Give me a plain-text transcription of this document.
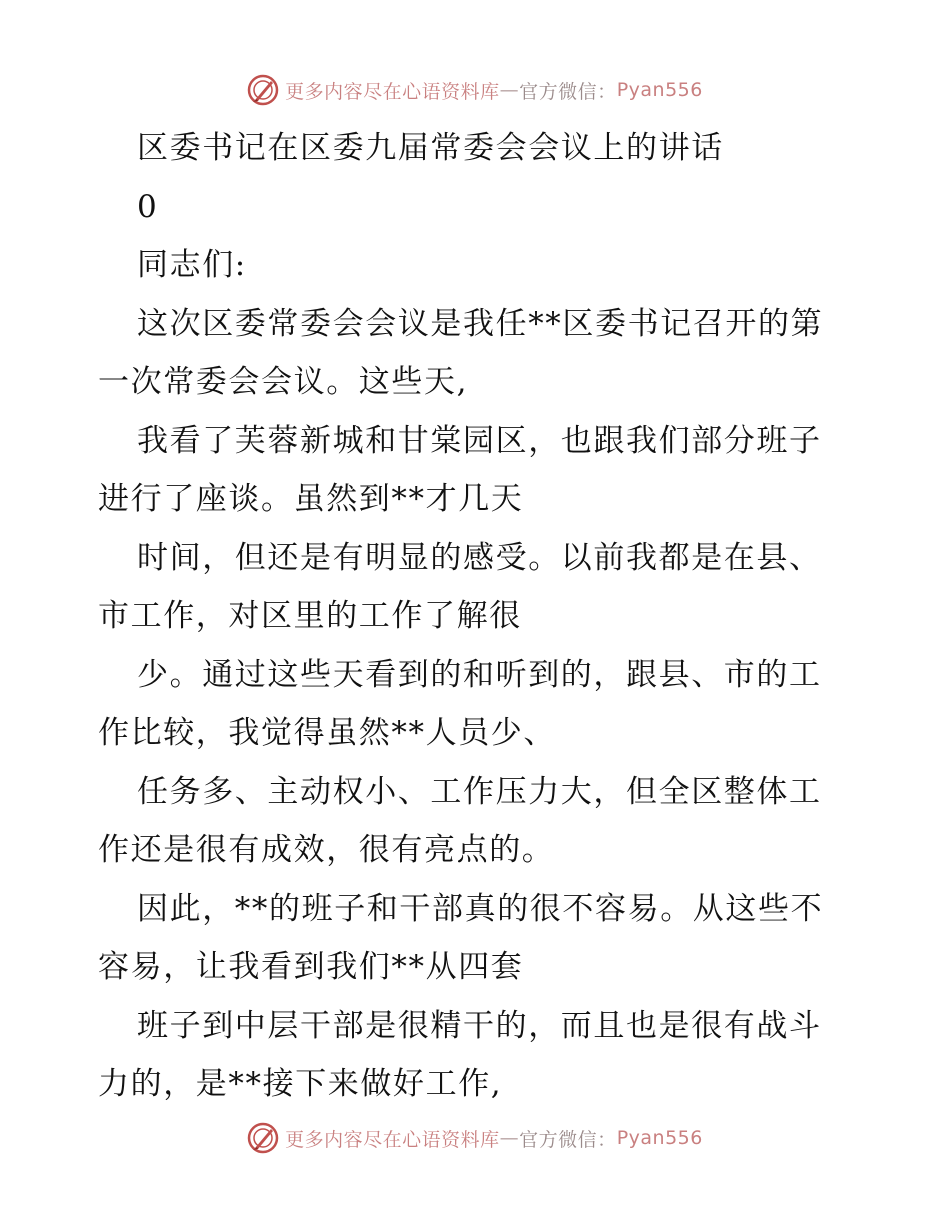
更多内容尽在心语资料库 — 官方微信： Pyan556
区委书记在区委九届常委会会议上的讲话
0
同志们:
这次区委常委会会议是我任**区委书记召开的第
一次常委会会议。这些天,
我看了芙蓉新城和甘棠园区，也跟我们部分班子
进行了座谈。虽然到**才几天
时间，但还是有明显的感受。以前我都是在县、
市工作，对区里的工作了解很
少。通过这些天看到的和听到的，跟县、市的工
作比较，我觉得虽然**人员少、
任务多、主动权小、工作压力大，但全区整体工
作还是很有成效，很有亮点的。
因此，**的班子和干部真的很不容易。从这些不
容易，让我看到我们**从四套
班子到中层干部是很精干的，而且也是很有战斗
力的，是**接下来做好工作,
更多内容尽在心语资料库 — 官方微信： Pyan556
